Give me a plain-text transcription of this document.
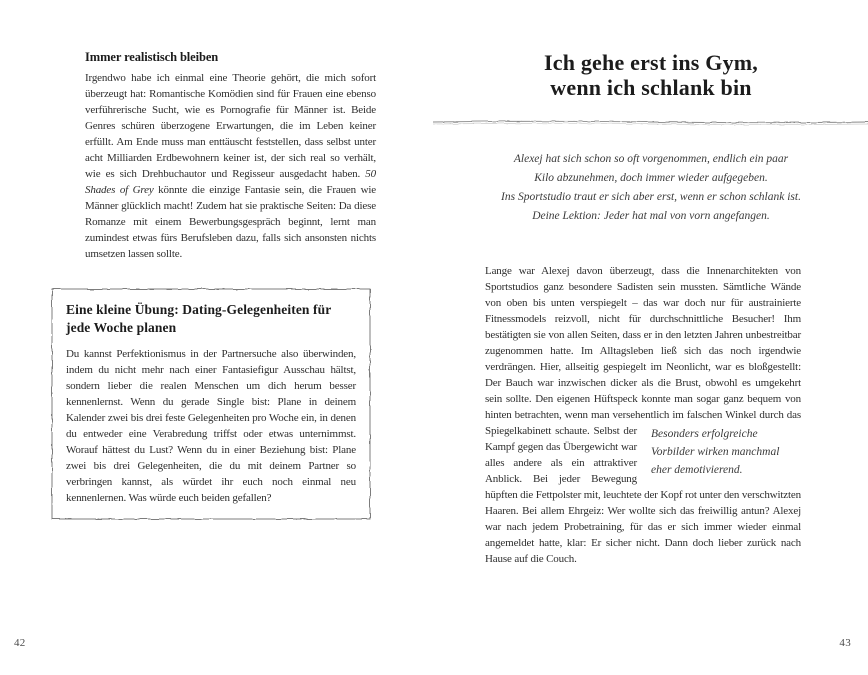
Immer realistisch bleiben

Irgendwo habe ich einmal eine Theorie gehört, die mich sofort überzeugt hat: Romantische Komödien sind für Frauen eine ebenso verführerische Sucht, wie es Pornografie für Männer ist. Beide Genres schüren überzogene Erwartungen, die im Leben keiner erfüllt. Am Ende muss man enttäuscht feststellen, dass selbst unter acht Milliarden Erdbewohnern keiner ist, der sich real so verhält, wie es sich Drehbuchautor und Regisseur ausgedacht haben. 50 Shades of Grey könnte die einzige Fantasie sein, die Frauen wie Männer glücklich macht! Zudem hat sie praktische Seiten: Da diese Romanze mit einem Bewerbungsgespräch beginnt, lernt man zumindest etwas fürs Berufsleben dazu, falls sich ansonsten nichts umsetzen lassen sollte.

Eine kleine Übung: Dating-Gelegenheiten für jede Woche planen

Du kannst Perfektionismus in der Partnersuche also überwinden, indem du nicht mehr nach einer Fantasiefigur Ausschau hältst, sondern lieber die realen Menschen um dich herum besser kennenlernst. Wenn du gerade Single bist: Plane in deinem Kalender zwei bis drei feste Gelegenheiten pro Woche ein, in denen du entweder eine Verabredung triffst oder etwas unternimmst. Worauf hättest du Lust? Wenn du in einer Beziehung bist: Plane zwei bis drei Gelegenheiten, die du mit deinem Partner so verbringen kannst, als würdet ihr euch noch einmal neu kennenlernen. Was würde euch beiden gefallen?

42
Ich gehe erst ins Gym,
wenn ich schlank bin
Alexej hat sich schon so oft vorgenommen, endlich ein paar
Kilo abzunehmen, doch immer wieder aufgegeben.
Ins Sportstudio traut er sich aber erst, wenn er schon schlank ist.
Deine Lektion: Jeder hat mal von vorn angefangen.

Lange war Alexej davon überzeugt, dass die Innenarchitekten von Sportstudios ganz besondere Sadisten sein mussten. Sämtliche Wände von oben bis unten verspiegelt – das war doch nur für austrainierte Fitnessmodels reizvoll, nicht für durchschnittliche Besucher! Ihm bestätigten sie von allen Seiten, dass er in den letzten Jahren unbestreitbar zugenommen hatte. Im Alltagsleben ließ sich das noch irgendwie verdrängen. Hier, allseitig gespiegelt im Neonlicht, war es bloßgestellt: Der Bauch war inzwischen dicker als die Brust, obwohl es umgekehrt sein sollte. Den eigenen Hüftspeck konnte man sogar ganz bequem von hinten betrachten, wenn man versehentlich im falschen
Besonders erfolgreiche Vorbilder wirken manchmal eher demotivierend.
Winkel durch das Spiegelkabinett schaute. Selbst der Kampf gegen das Übergewicht war alles andere als ein attraktiver Anblick. Bei jeder Bewegung hüpften die Fettpolster mit, leuchtete der Kopf rot unter den verschwitzten Haaren. Bei allem Ehrgeiz: Wer wollte sich das freiwillig antun? Alexej war nach jedem Probetraining, für das er sich immer wieder einmal angemeldet hatte, klar: Er sicher nicht. Dann doch lieber zurück nach Hause auf die Couch.

43
